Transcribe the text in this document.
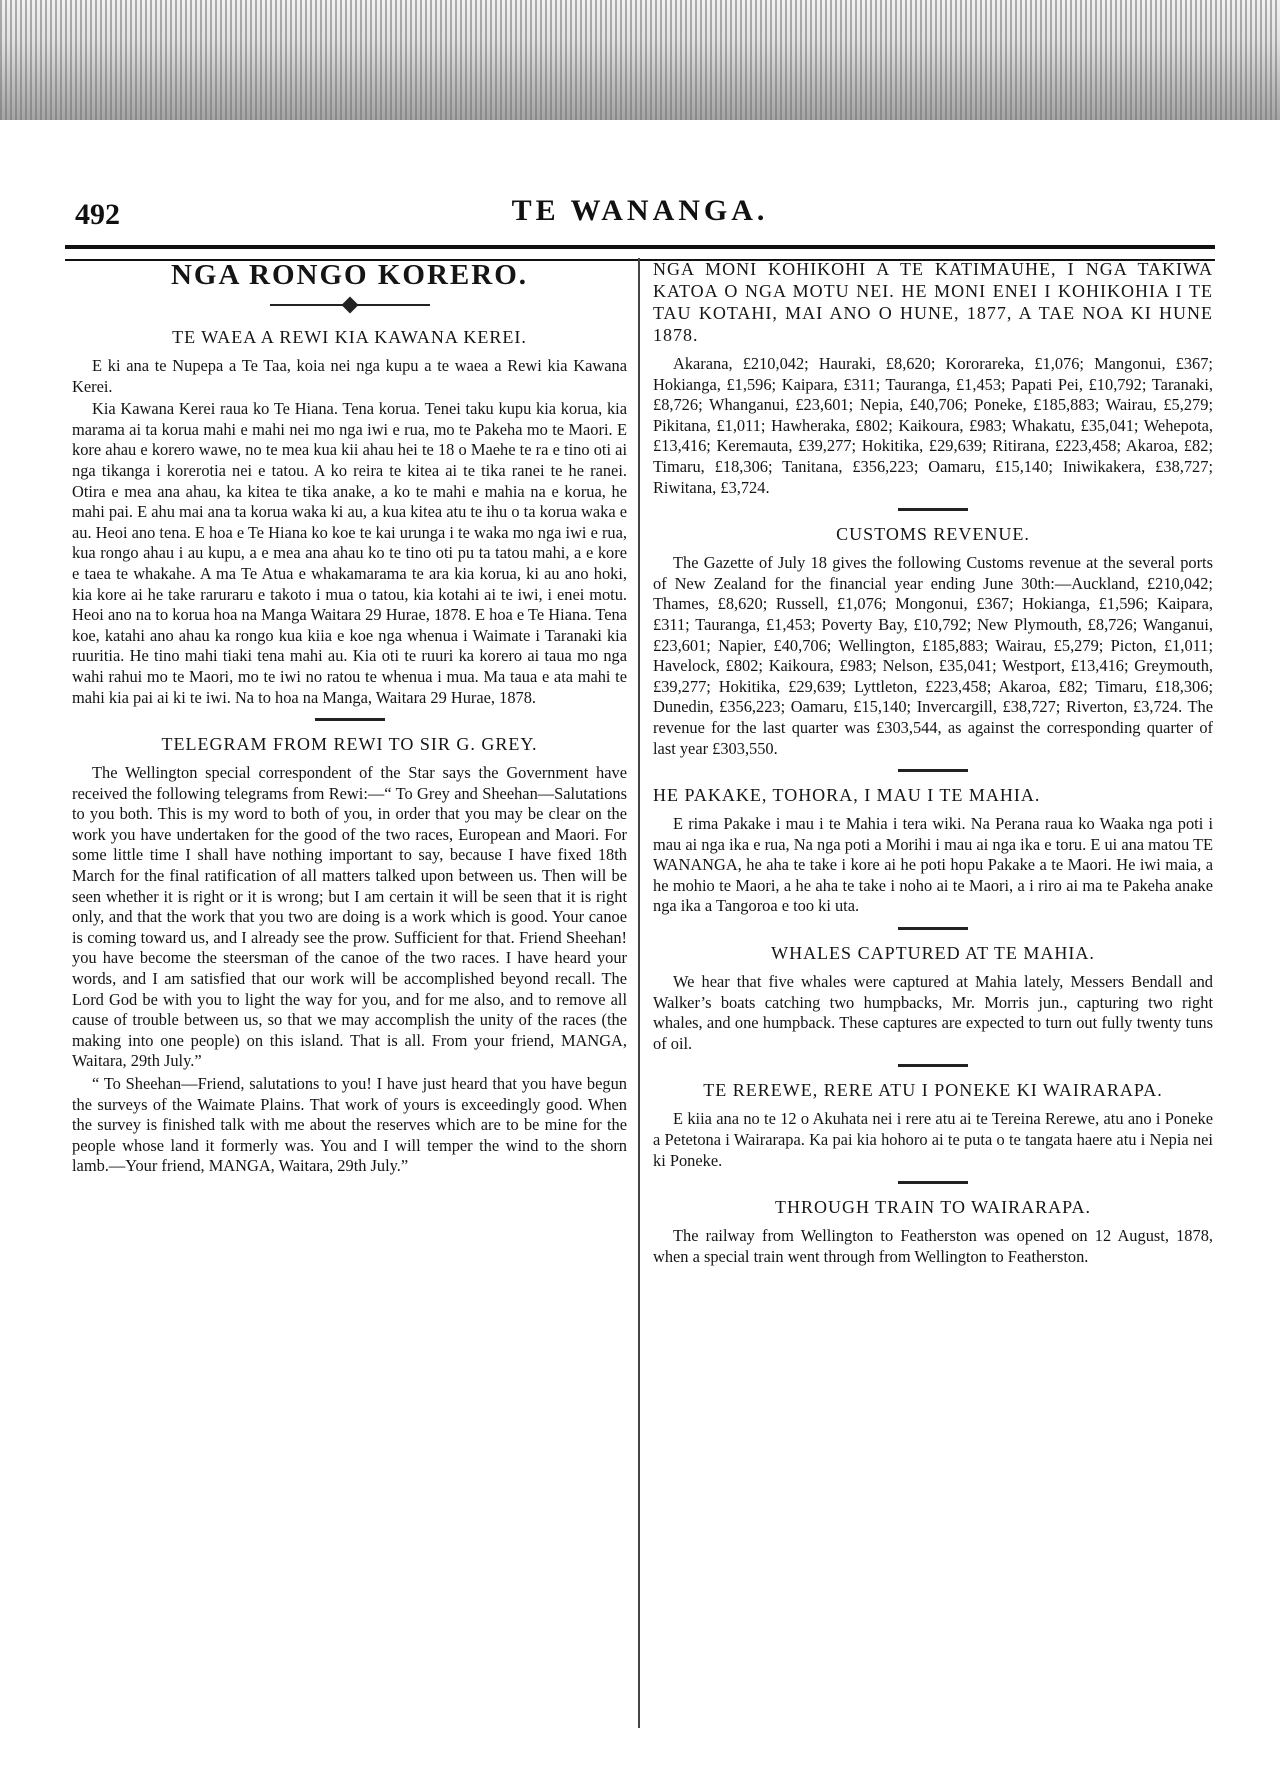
492	TE WANANGA.
NGA RONGO KORERO.
TE WAEA A REWI KIA KAWANA KEREI.

E ki ana te Nupepa a Te Taa, koia nei nga kupu a te waea a Rewi kia Kawana Kerei.

Kia Kawana Kerei raua ko Te Hiana. Tena korua. Tenei taku kupu kia korua, kia marama ai ta korua mahi e mahi nei mo nga iwi e rua, mo te Pakeha mo te Maori. E kore ahau e korero wawe, no te mea kua kii ahau hei te 18 o Maehe te ra e tino oti ai nga tikanga i korerotia nei e tatou. A ko reira te kitea ai te tika ranei te he ranei. Otira e mea ana ahau, ka kitea te tika anake, a ko te mahi e mahia na e korua, he mahi pai. E ahu mai ana ta korua waka ki au, a kua kitea atu te ihu o ta korua waka e au. Heoi ano tena. E hoa e Te Hiana ko koe te kai urunga i te waka mo nga iwi e rua, kua rongo ahau i au kupu, a e mea ana ahau ko te tino oti pu ta tatou mahi, a e kore e taea te whakahe. A ma Te Atua e whakamarama te ara kia korua, ki au ano hoki, kia kore ai he take raruraru e takoto i mua o tatou, kia kotahi ai te iwi, i enei motu. Heoi ano na to korua hoa na Manga Waitara 29 Hurae, 1878. E hoa e Te Hiana. Tena koe, katahi ano ahau ka rongo kua kiia e koe nga whenua i Waimate i Taranaki kia ruuritia. He tino mahi tiaki tena mahi au. Kia oti te ruuri ka korero ai taua mo nga wahi rahui mo te Maori, mo te iwi no ratou te whenua i mua. Ma taua e ata mahi te mahi kia pai ai ki te iwi. Na to hoa na Manga, Waitara 29 Hurae, 1878.

TELEGRAM FROM REWI TO SIR G. GREY.

The Wellington special correspondent of the Star says the Government have received the following telegrams from Rewi:—“ To Grey and Sheehan—Salutations to you both. This is my word to both of you, in order that you may be clear on the work you have undertaken for the good of the two races, European and Maori. For some little time I shall have nothing important to say, because I have fixed 18th March for the final ratification of all matters talked upon between us. Then will be seen whether it is right or it is wrong; but I am certain it will be seen that it is right only, and that the work that you two are doing is a work which is good. Your canoe is coming toward us, and I already see the prow. Sufficient for that. Friend Sheehan! you have become the steersman of the canoe of the two races. I have heard your words, and I am satisfied that our work will be accomplished beyond recall. The Lord God be with you to light the way for you, and for me also, and to remove all cause of trouble between us, so that we may accomplish the unity of the races (the making into one people) on this island. That is all. From your friend, MANGA, Waitara, 29th July.”

“ To Sheehan—Friend, salutations to you! I have just heard that you have begun the surveys of the Waimate Plains. That work of yours is exceedingly good. When the survey is finished talk with me about the reserves which are to be mine for the people whose land it formerly was. You and I will temper the wind to the shorn lamb.—Your friend, MANGA, Waitara, 29th July.”

NGA MONI KOHIKOHI A TE KATIMAUHE, I NGA TAKIWA KATOA O NGA MOTU NEI. HE MONI ENEI I KOHIKOHIA I TE TAU KOTAHI, MAI ANO O HUNE, 1877, A TAE NOA KI HUNE 1878.

Akarana, £210,042; Hauraki, £8,620; Kororareka, £1,076; Mangonui, £367; Hokianga, £1,596; Kaipara, £311; Tauranga, £1,453; Papati Pei, £10,792; Taranaki, £8,726; Whanganui, £23,601; Nepia, £40,706; Poneke, £185,883; Wairau, £5,279; Pikitana, £1,011; Hawheraka, £802; Kaikoura, £983; Whakatu, £35,041; Wehepota, £13,416; Keremauta, £39,277; Hokitika, £29,639; Ritirana, £223,458; Akaroa, £82; Timaru, £18,306; Tanitana, £356,223; Oamaru, £15,140; Iniwikakera, £38,727; Riwitana, £3,724.

CUSTOMS REVENUE.

The Gazette of July 18 gives the following Customs revenue at the several ports of New Zealand for the financial year ending June 30th:—Auckland, £210,042; Thames, £8,620; Russell, £1,076; Mongonui, £367; Hokianga, £1,596; Kaipara, £311; Tauranga, £1,453; Poverty Bay, £10,792; New Plymouth, £8,726; Wanganui, £23,601; Napier, £40,706; Wellington, £185,883; Wairau, £5,279; Picton, £1,011; Havelock, £802; Kaikoura, £983; Nelson, £35,041; Westport, £13,416; Greymouth, £39,277; Hokitika, £29,639; Lyttleton, £223,458; Akaroa, £82; Timaru, £18,306; Dunedin, £356,223; Oamaru, £15,140; Invercargill, £38,727; Riverton, £3,724. The revenue for the last quarter was £303,544, as against the corresponding quarter of last year £303,550.

HE PAKAKE, TOHORA, I MAU I TE MAHIA.

E rima Pakake i mau i te Mahia i tera wiki. Na Perana raua ko Waaka nga poti i mau ai nga ika e rua, Na nga poti a Morihi i mau ai nga ika e toru. E ui ana matou TE WANANGA, he aha te take i kore ai he poti hopu Pakake a te Maori. He iwi maia, a he mohio te Maori, a he aha te take i noho ai te Maori, a i riro ai ma te Pakeha anake nga ika a Tangoroa e too ki uta.

WHALES CAPTURED AT TE MAHIA.

We hear that five whales were captured at Mahia lately, Messers Bendall and Walker’s boats catching two humpbacks, Mr. Morris jun., capturing two right whales, and one humpback. These captures are expected to turn out fully twenty tuns of oil.

TE REREWE, RERE ATU I PONEKE KI WAIRARAPA.

E kiia ana no te 12 o Akuhata nei i rere atu ai te Tereina Rerewe, atu ano i Poneke a Petetona i Wairarapa. Ka pai kia hohoro ai te puta o te tangata haere atu i Nepia nei ki Poneke.

THROUGH TRAIN TO WAIRARAPA.

The railway from Wellington to Featherston was opened on 12 August, 1878, when a special train went through from Wellington to Featherston.
